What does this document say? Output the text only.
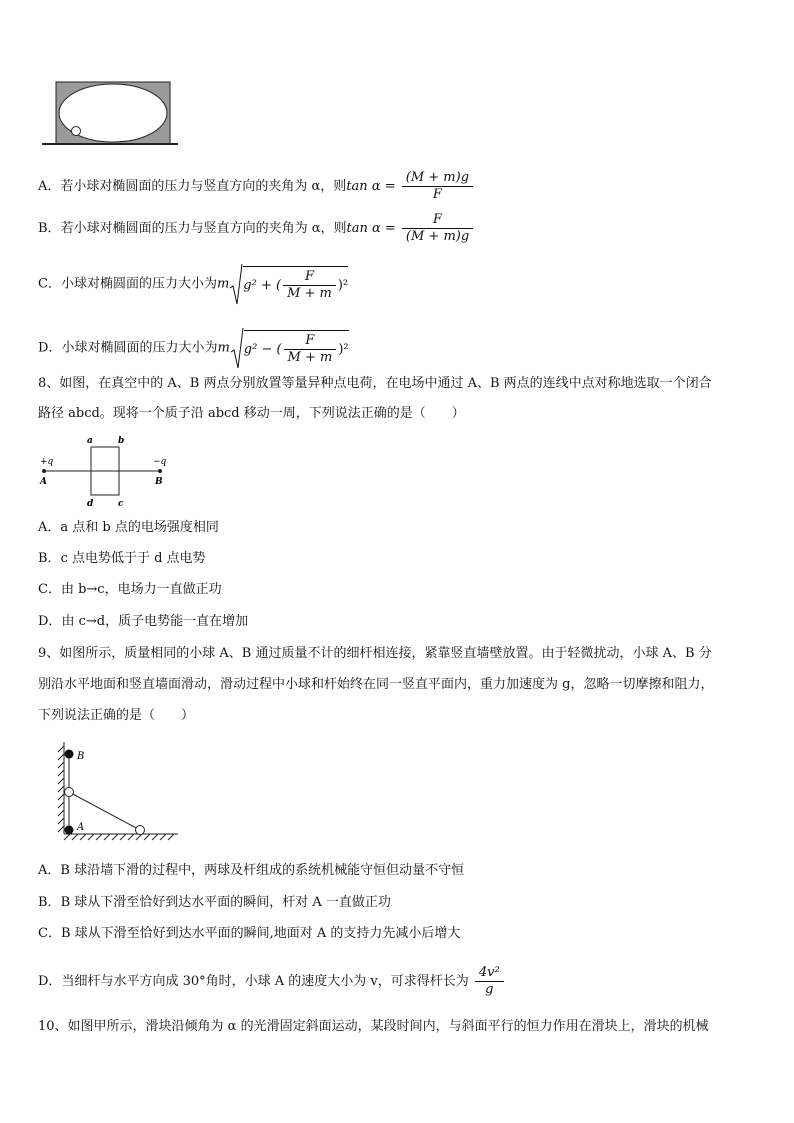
A．若小球对椭圆面的压力与竖直方向的夹角为 α，则$\tan \alpha = \frac{(M + m)g}{F}$
B．若小球对椭圆面的压力与竖直方向的夹角为 α，则$\tan \alpha = \frac{F}{(M + m)g}$
C．小球对椭圆面的压力大小为m g² + ( $\frac{F}{M + m} )^2$
D．小球对椭圆面的压力大小为m g² − ( $\frac{F}{M + m} )^2$
8、如图，在真空中的 A、B 两点分别放置等量异种点电荷，在电场中通过 A、B 两点的连线中点对称地选取一个闭合
路径 abcd。现将一个质子沿 abcd 移动一周，下列说法正确的是（　　）
+q	−q
A	B
a	b
c
d
A．a 点和 b 点的电场强度相同
B．c 点电势低于于 d 点电势
C．由 b→c，电场力一直做正功
D．由 c→d，质子电势能一直在增加
9、如图所示，质量相同的小球 A、B 通过质量不计的细杆相连接，紧靠竖直墙壁放置。由于轻微扰动，小球 A、B 分
别沿水平地面和竖直墙面滑动，滑动过程中小球和杆始终在同一竖直平面内，重力加速度为 g，忽略一切摩擦和阻力，
下列说法正确的是（　　）
B
A
A．B 球沿墙下滑的过程中，两球及杆组成的系统机械能守恒但动量不守恒
B．B 球从下滑至恰好到达水平面的瞬间，杆对 A 一直做正功
C．B 球从下滑至恰好到达水平面的瞬间,地面对 A 的支持力先减小后增大
D．当细杆与水平方向成 30°角时，小球 A 的速度大小为 v，可求得杆长为 $\frac{\text{4v²}}{g}$
10、如图甲所示，滑块沿倾角为 α 的光滑固定斜面运动，某段时间内，与斜面平行的恒力作用在滑块上，滑块的机械
